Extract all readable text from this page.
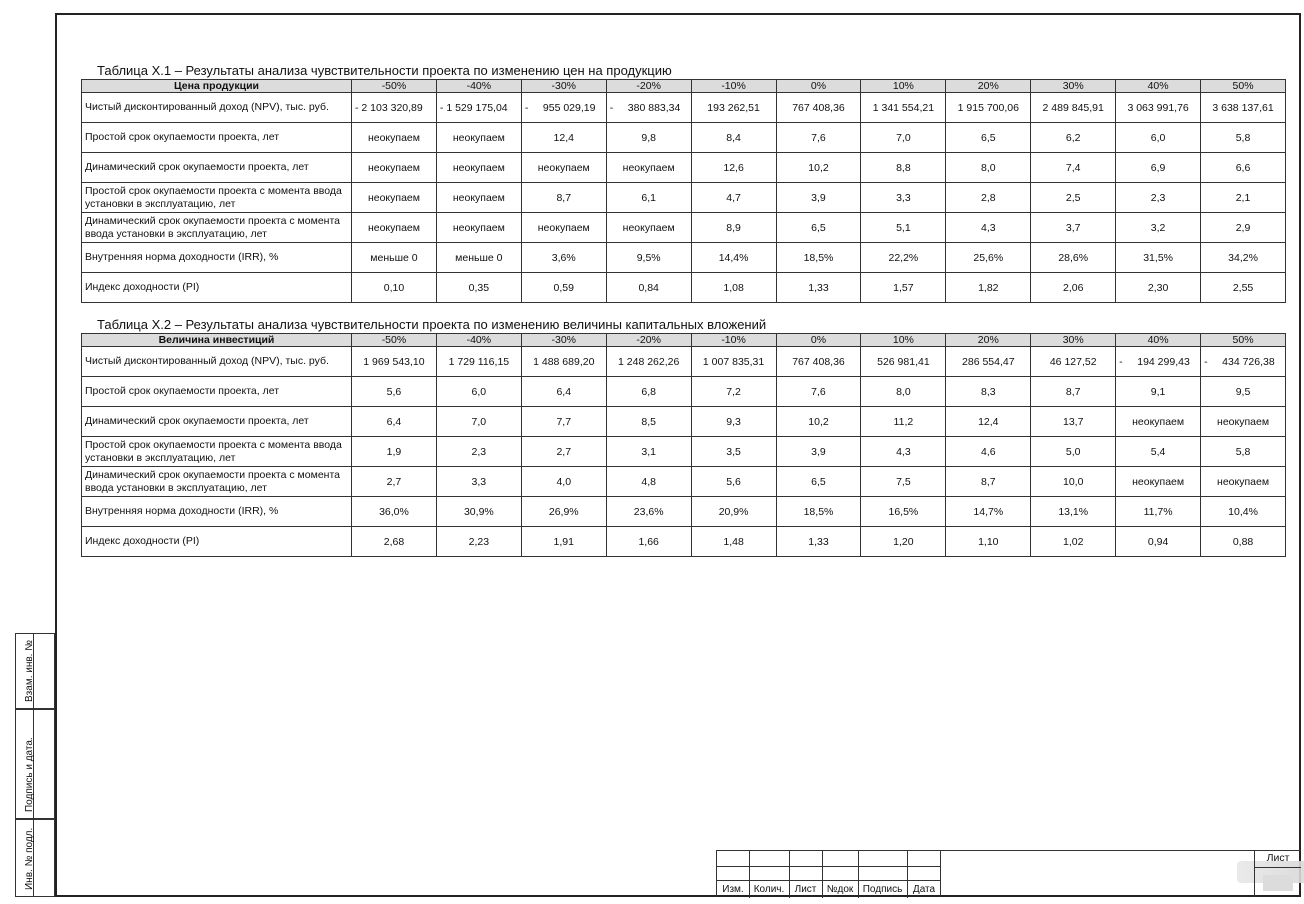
Таблица X.1 – Результаты анализа чувствительности проекта по изменению цен на продукцию
Цена продукции	-50%	-40%	-30%	-20%	-10%	0%	10%	20%	30%	40%	50%
Чистый дисконтированный доход (NPV), тыс. руб.	- 2 103 320,89	- 1 529 175,04	-     955 029,19	-     380 883,34	193 262,51	767 408,36	1 341 554,21	1 915 700,06	2 489 845,91	3 063 991,76	3 638 137,61
Простой срок окупаемости проекта, лет	неокупаем	неокупаем	12,4	9,8	8,4	7,6	7,0	6,5	6,2	6,0	5,8
Динамический срок окупаемости проекта, лет	неокупаем	неокупаем	неокупаем	неокупаем	12,6	10,2	8,8	8,0	7,4	6,9	6,6
Простой срок окупаемости проекта с момента ввода установки в эксплуатацию, лет	неокупаем	неокупаем	8,7	6,1	4,7	3,9	3,3	2,8	2,5	2,3	2,1
Динамический срок окупаемости проекта с момента ввода установки в эксплуатацию, лет	неокупаем	неокупаем	неокупаем	неокупаем	8,9	6,5	5,1	4,3	3,7	3,2	2,9
Внутренняя норма доходности (IRR), %	меньше 0	меньше 0	3,6%	9,5%	14,4%	18,5%	22,2%	25,6%	28,6%	31,5%	34,2%
Индекс доходности (PI)	0,10	0,35	0,59	0,84	1,08	1,33	1,57	1,82	2,06	2,30	2,55
Таблица X.2 – Результаты анализа чувствительности проекта по изменению величины капитальных вложений
Величина инвестиций	-50%	-40%	-30%	-20%	-10%	0%	10%	20%	30%	40%	50%
Чистый дисконтированный доход (NPV), тыс. руб.	1 969 543,10	1 729 116,15	1 488 689,20	1 248 262,26	1 007 835,31	767 408,36	526 981,41	286 554,47	46 127,52	-     194 299,43	-     434 726,38
Простой срок окупаемости проекта, лет	5,6	6,0	6,4	6,8	7,2	7,6	8,0	8,3	8,7	9,1	9,5
Динамический срок окупаемости проекта, лет	6,4	7,0	7,7	8,5	9,3	10,2	11,2	12,4	13,7	неокупаем	неокупаем
Простой срок окупаемости проекта с момента ввода установки в эксплуатацию, лет	1,9	2,3	2,7	3,1	3,5	3,9	4,3	4,6	5,0	5,4	5,8
Динамический срок окупаемости проекта с момента ввода установки в эксплуатацию, лет	2,7	3,3	4,0	4,8	5,6	6,5	7,5	8,7	10,0	неокупаем	неокупаем
Внутренняя норма доходности (IRR), %	36,0%	30,9%	26,9%	23,6%	20,9%	18,5%	16,5%	14,7%	13,1%	11,7%	10,4%
Индекс доходности (PI)	2,68	2,23	1,91	1,66	1,48	1,33	1,20	1,10	1,02	0,94	0,88
Взам. инв. №
Подпись и дата.
Инв. № подл.	Изм. Колич.	Лист	№док Подпись	Дата
Лист
